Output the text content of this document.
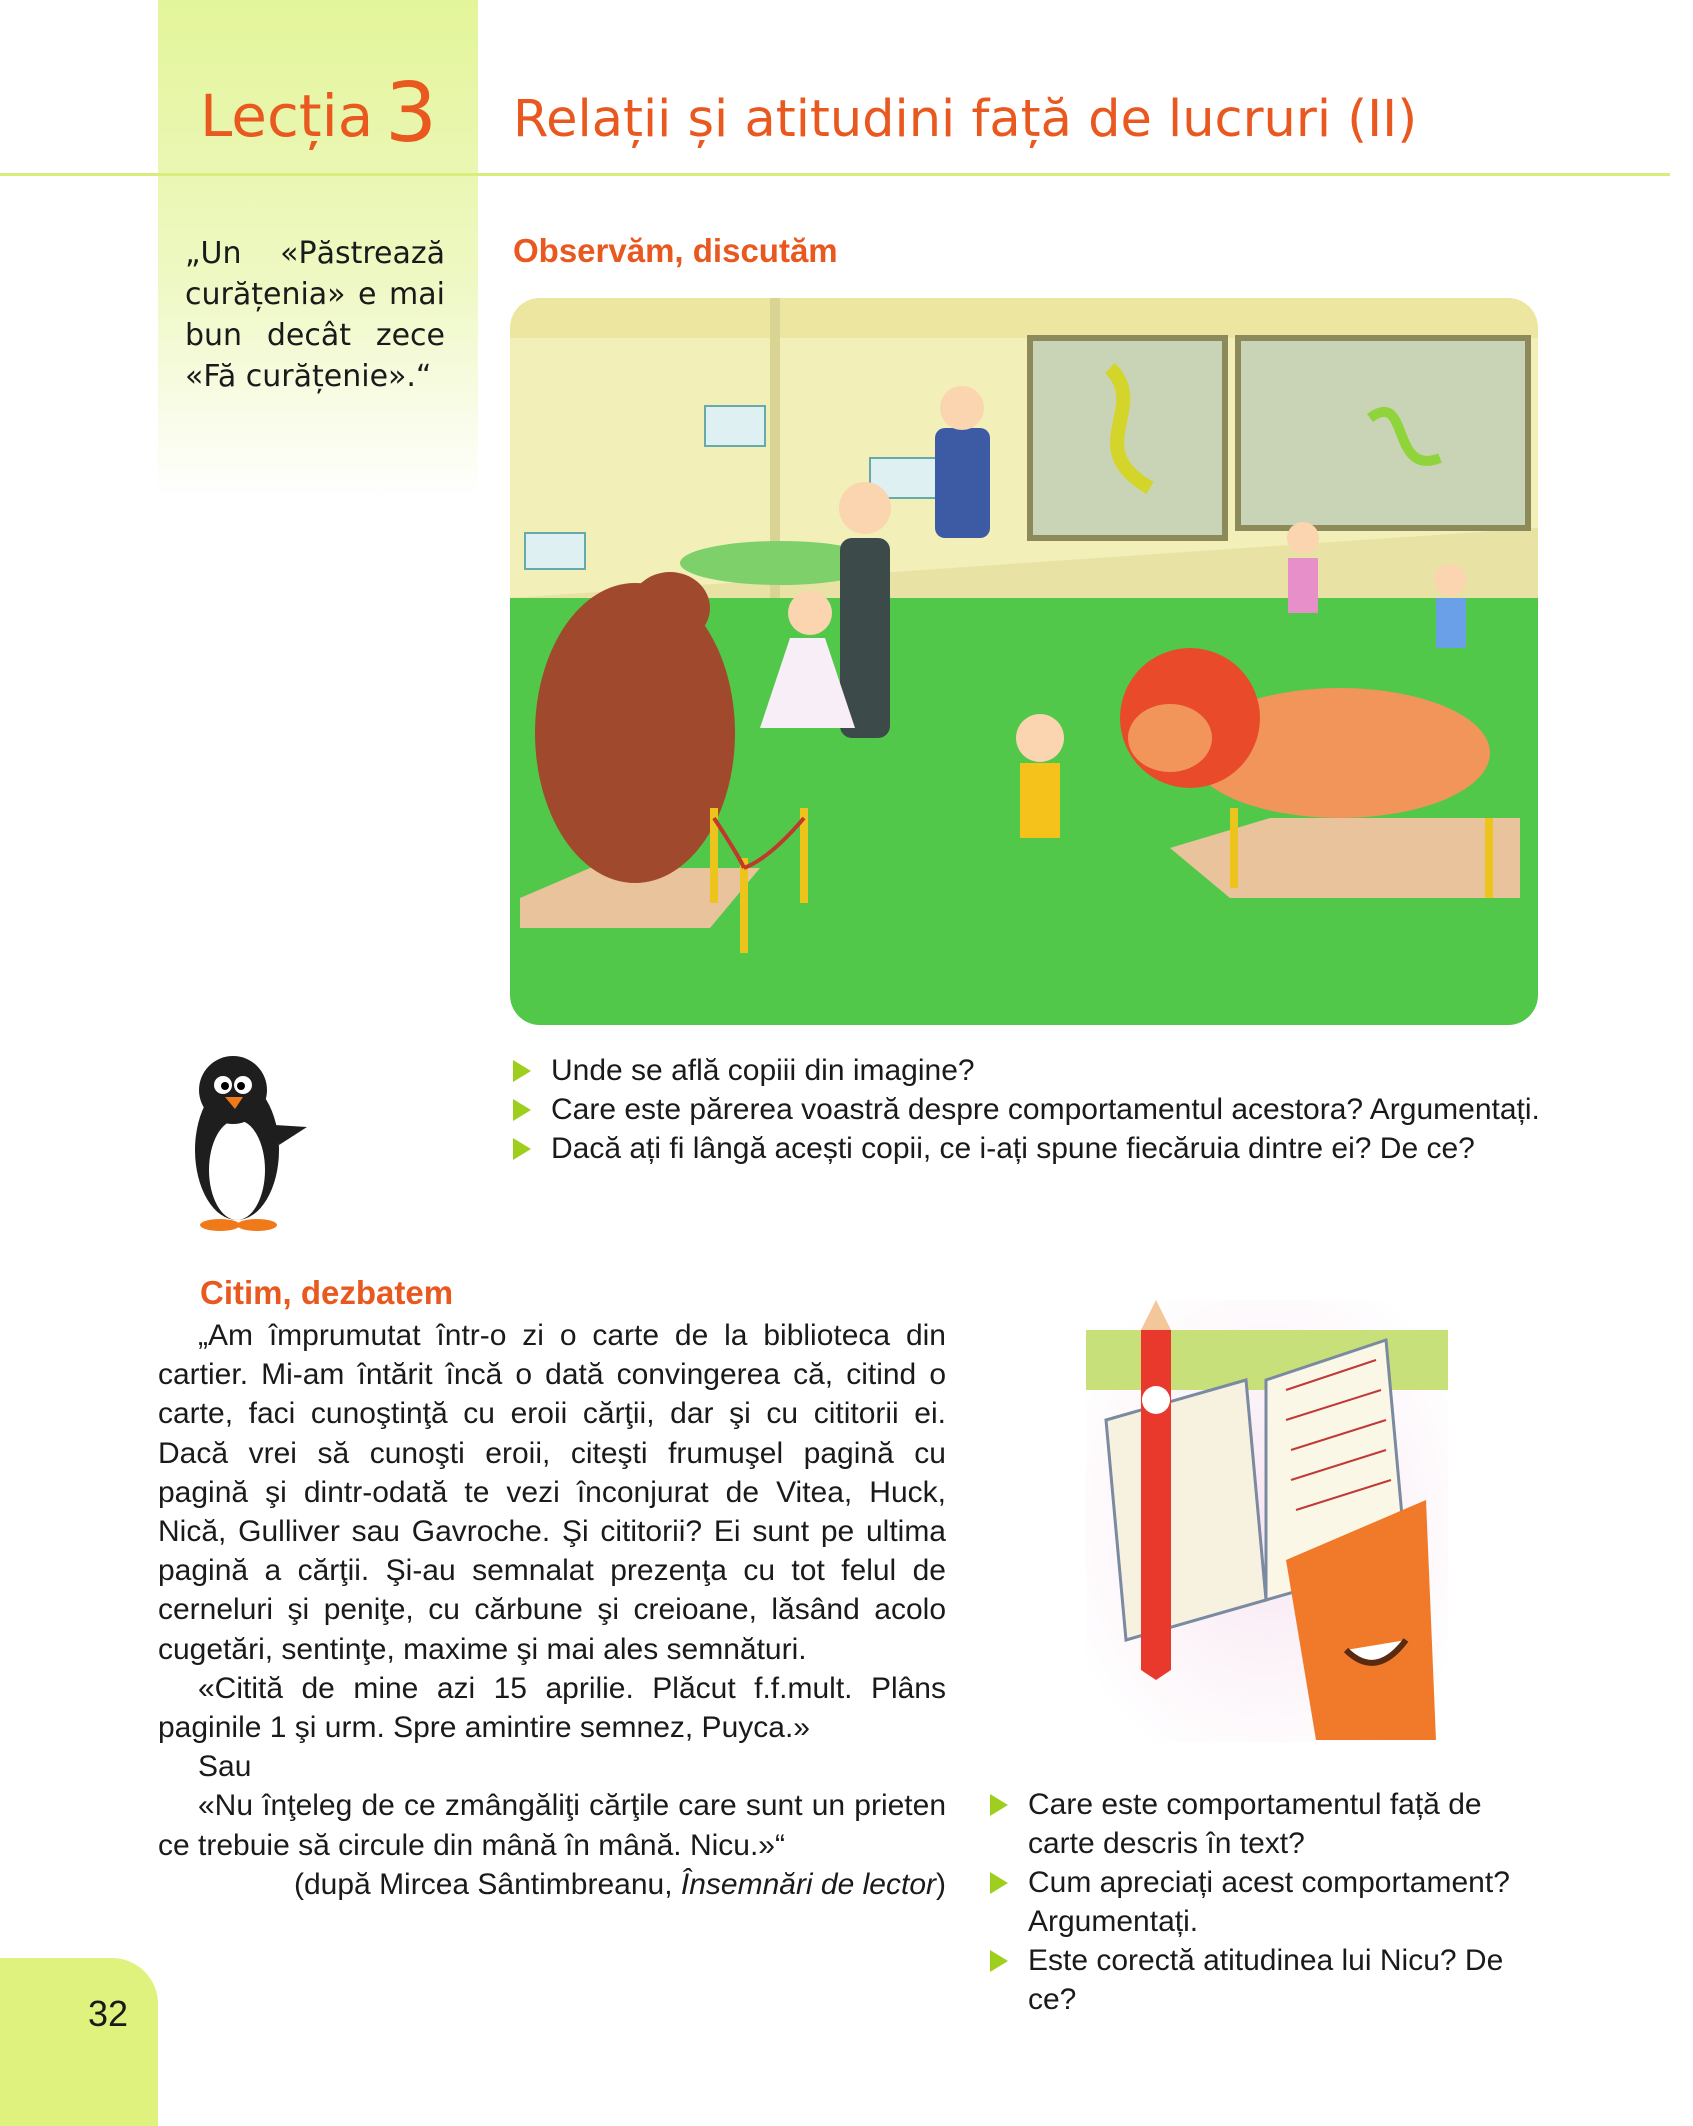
Lecția 3 Relații și atitudini față de lucruri (II)
„Un «Păstrează curățenia» e mai bun decât zece «Fă curățenie».“
Observăm, discutăm
Unde se află copiii din imagine?
Care este părerea voastră despre comportamentul acestora? Argumentați.
Dacă ați fi lângă acești copii, ce i-ați spune fiecăruia dintre ei? De ce?
Citim, dezbatem

„Am împrumutat într-o zi o carte de la biblioteca din cartier. Mi-am întărit încă o dată convingerea că, citind o carte, faci cunoştinţă cu eroii cărţii, dar şi cu cititorii ei. Dacă vrei să cunoşti eroii, citeşti frumuşel pagină cu pagină şi dintr-odată te vezi înconjurat de Vitea, Huck, Nică, Gulliver sau Gavroche. Şi cititorii? Ei sunt pe ultima pagină a cărţii. Şi-au semnalat prezenţa cu tot felul de cerneluri şi peniţe, cu cărbune şi creioane, lăsând acolo cugetări, sentinţe, maxime şi mai ales semnături.

«Citită de mine azi 15 aprilie. Plăcut f.f.mult. Plâns paginile 1 şi urm. Spre amintire semnez, Puyca.»

Sau

«Nu înţeleg de ce zmângăliţi cărţile care sunt un prieten ce trebuie să circule din mână în mână. Nicu.»“

(după Mircea Sântimbreanu, Însemnări de lector)

Care este comportamentul față de carte descris în text?
Cum apreciați acest comportament? Argumentați.
Este corectă atitudinea lui Nicu? De ce?
32
